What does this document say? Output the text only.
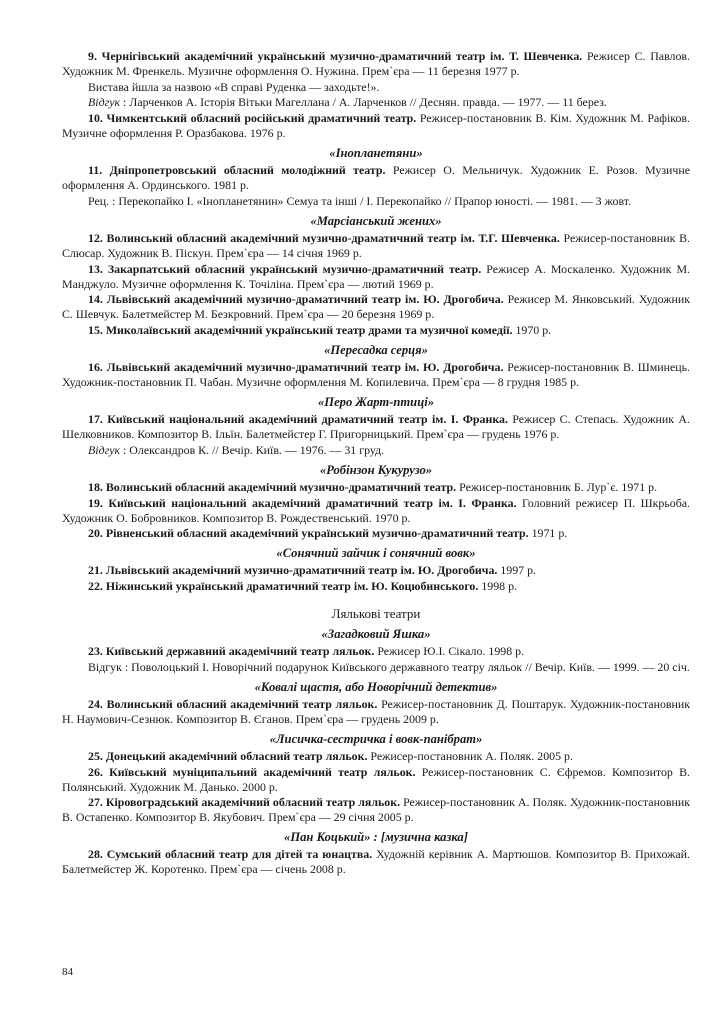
9. Чернігівський академічний український музично-драматичний театр ім. Т. Шевченка. Режисер С. Павлов. Художник М. Френкель. Музичне оформлення О. Нужина. Прем`єра — 11 березня 1977 р.

Вистава йшла за назвою «В справі Руденка — заходьте!».

Відгук : Ларченков А. Історія Вітьки Магеллана / А. Ларченков // Деснян. правда. — 1977. — 11 берез.

10. Чимкентський обласний російський драматичний театр. Режисер-постановник В. Кім. Художник М. Рафіков. Музичне оформлення Р. Оразбакова. 1976 р.

«Інопланетяни»

11. Дніпропетровський обласний молодіжний театр. Режисер О. Мельничук. Художник Е. Розов. Музичне оформлення А. Ординського. 1981 р.

Рец. : Перекопайко І. «Інопланетянин» Семуа та інші / І. Перекопайко // Прапор юності. — 1981. — 3 жовт.

«Марсіанський жених»

12. Волинський обласний академічний музично-драматичний театр ім. Т.Г. Шевченка. Режисер-постановник В. Слюсар. Художник В. Піскун. Прем`єра — 14 січня 1969 р.

13. Закарпатський обласний український музично-драматичний театр. Режисер А. Москаленко. Художник М. Манджуло. Музичне оформлення К. Точіліна. Прем`єра — лютий 1969 р.

14. Львівський академічний музично-драматичний театр ім. Ю. Дрогобича. Режисер М. Янковський. Художник С. Шевчук. Балетмейстер М. Безкровний. Прем`єра — 20 березня 1969 р.

15. Миколаївський академічний український театр драми та музичної комедії. 1970 р.

«Пересадка серця»

16. Львівський академічний музично-драматичний театр ім. Ю. Дрогобича. Режисер-постановник В. Шминець. Художник-постановник П. Чабан. Музичне оформлення М. Копилевича. Прем`єра — 8 грудня 1985 р.

«Перо Жарт-птиці»

17. Київський національний академічний драматичний театр ім. І. Франка. Режисер С. Степась. Художник А. Шелковников. Композитор В. Ільїн. Балетмейстер Г. Пригорницький. Прем`єра — грудень 1976 р.

Відгук : Олександров К. // Вечір. Київ. — 1976. — 31 груд.

«Робінзон Кукурузо»

18. Волинський обласний академічний музично-драматичний театр. Режисер-постановник Б. Лур`є. 1971 р.

19. Київський національний академічний драматичний театр ім. І. Франка. Головний режисер П. Шкрьоба. Художник О. Бобровников. Композитор В. Рождественський. 1970 р.

20. Рівненський обласний академічний український музично-драматичний театр. 1971 р.

«Сонячний зайчик і сонячний вовк»

21. Львівський академічний музично-драматичний театр ім. Ю. Дрогобича. 1997 р.

22. Ніжинський український драматичний театр ім. Ю. Коцюбинського. 1998 р.

Лялькові театри
«Загадковий Яшка»

23. Київський державний академічний театр ляльок. Режисер Ю.І. Сікало. 1998 р.

Відгук : Поволоцький І. Новорічний подарунок Київського державного театру ляльок // Вечір. Київ. — 1999. — 20 січ.

«Ковалі щастя, або Новорічний детектив»

24. Волинський обласний академічний театр ляльок. Режисер-постановник Д. Поштарук. Художник-постановник Н. Наумович-Сезнюк. Композитор В. Єганов. Прем`єра — грудень 2009 р.

«Лисичка-сестричка і вовк-панібрат»

25. Донецький академічний обласний театр ляльок. Режисер-постановник А. Поляк. 2005 р.

26. Київський муніципальний академічний театр ляльок. Режисер-постановник С. Єфремов. Композитор В. Полянський. Художник М. Данько. 2000 р.

27. Кіровоградський академічний обласний театр ляльок. Режисер-постановник А. Поляк. Художник-постановник В. Остапенко. Композитор В. Якубович. Прем`єра — 29 січня 2005 р.

«Пан Коцький» : [музична казка]

28. Сумський обласний театр для дітей та юнацтва. Художній керівник А. Мартюшов. Композитор В. Прихожай. Балетмейстер Ж. Коротенко. Прем`єра — січень 2008 р.

84
